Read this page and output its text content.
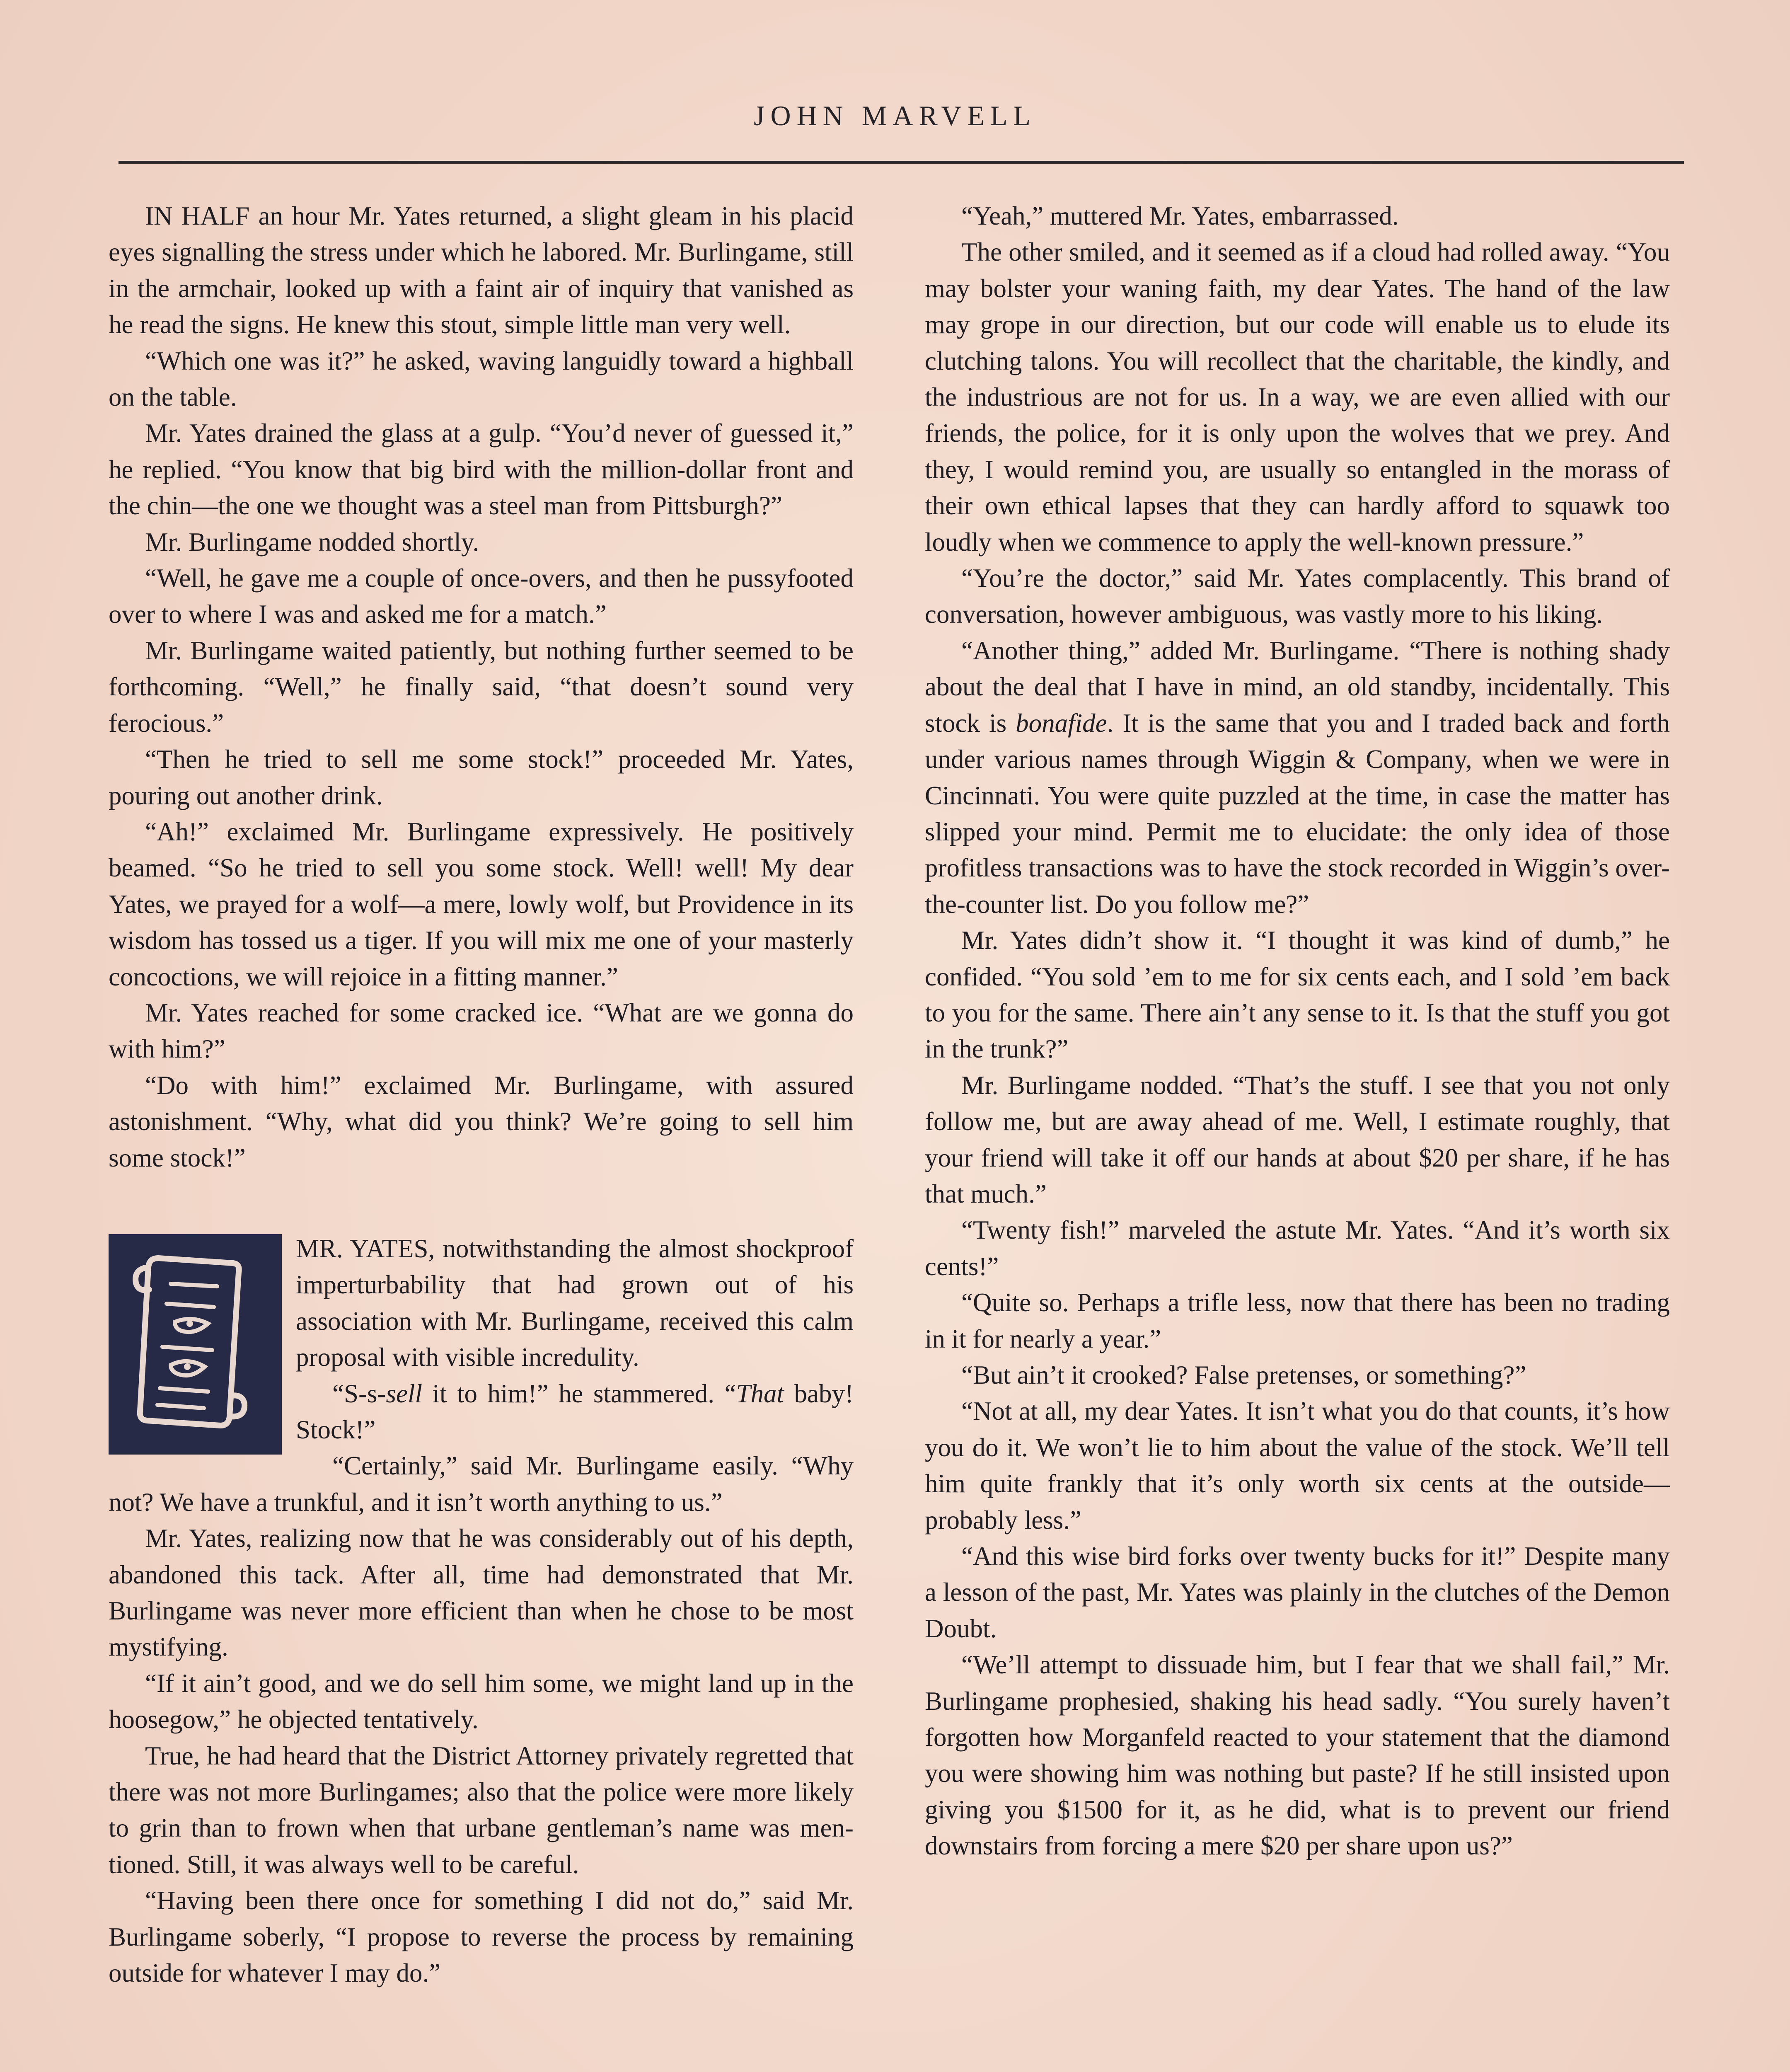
JOHN MARVELL

IN HALF an hour Mr. Yates returned, a slight gleam in his placid eyes signalling the stress under which he labored. Mr. Burlingame, still in the armchair, looked up with a faint air of inquiry that vanished as he read the signs. He knew this stout, simple little man very well.

“Which one was it?” he asked, waving languidly toward a highball on the table.

Mr. Yates drained the glass at a gulp. “You’d never of guessed it,” he replied. “You know that big bird with the million-dollar front and the chin—the one we thought was a steel man from Pittsburgh?”

Mr. Burlingame nodded shortly.

“Well, he gave me a couple of once-overs, and then he pussyfooted over to where I was and asked me for a match.”

Mr. Burlingame waited patiently, but nothing further seemed to be forthcoming. “Well,” he finally said, “that doesn’t sound very ferocious.”

“Then he tried to sell me some stock!” proceeded Mr. Yates, pouring out another drink.

“Ah!” exclaimed Mr. Burlingame expressively. He positively beamed. “So he tried to sell you some stock. Well! well! My dear Yates, we prayed for a wolf—a mere, lowly wolf, but Providence in its wisdom has tossed us a tiger. If you will mix me one of your masterly concoctions, we will rejoice in a fitting manner.”

Mr. Yates reached for some cracked ice. “What are we gonna do with him?”

“Do with him!” exclaimed Mr. Burlingame, with assured astonishment. “Why, what did you think? We’re going to sell him some stock!”

MR. YATES, notwithstanding the almost shockproof imperturbability that had grown out of his association with Mr. Burlingame, received this calm proposal with visible incredulity.

“S-s-sell it to him!” he stammered. “That baby! Stock!”

“Certainly,” said Mr. Burlingame easily. “Why not? We have a trunkful, and it isn’t worth anything to us.”

Mr. Yates, realizing now that he was considerably out of his depth, abandoned this tack. After all, time had demonstrated that Mr. Burlingame was never more efficient than when he chose to be most mystifying.

“If it ain’t good, and we do sell him some, we might land up in the hoosegow,” he objected tentatively.

True, he had heard that the District Attorney privately regretted that there was not more Burlingames; also that the police were more likely to grin than to frown when that urbane gentleman’s name was mentioned. Still, it was always well to be careful.

“Having been there once for something I did not do,” said Mr. Burlingame soberly, “I propose to reverse the process by remaining outside for whatever I may do.”

“Yeah,” muttered Mr. Yates, embarrassed.

The other smiled, and it seemed as if a cloud had rolled away. “You may bolster your waning faith, my dear Yates. The hand of the law may grope in our direction, but our code will enable us to elude its clutching talons. You will recollect that the charitable, the kindly, and the industrious are not for us. In a way, we are even allied with our friends, the police, for it is only upon the wolves that we prey. And they, I would remind you, are usually so entangled in the morass of their own ethical lapses that they can hardly afford to squawk too loudly when we commence to apply the well-known pressure.”

“You’re the doctor,” said Mr. Yates complacently. This brand of conversation, however ambiguous, was vastly more to his liking.

“Another thing,” added Mr. Burlingame. “There is nothing shady about the deal that I have in mind, an old standby, incidentally. This stock is bonafide. It is the same that you and I traded back and forth under various names through Wiggin & Company, when we were in Cincinnati. You were quite puzzled at the time, in case the matter has slipped your mind. Permit me to elucidate: the only idea of those profitless transactions was to have the stock recorded in Wiggin’s over-the-counter list. Do you follow me?”

Mr. Yates didn’t show it. “I thought it was kind of dumb,” he confided. “You sold ’em to me for six cents each, and I sold ’em back to you for the same. There ain’t any sense to it. Is that the stuff you got in the trunk?”

Mr. Burlingame nodded. “That’s the stuff. I see that you not only follow me, but are away ahead of me. Well, I estimate roughly, that your friend will take it off our hands at about $20 per share, if he has that much.”

“Twenty fish!” marveled the astute Mr. Yates. “And it’s worth six cents!”

“Quite so. Perhaps a trifle less, now that there has been no trading in it for nearly a year.”

“But ain’t it crooked? False pretenses, or something?”

“Not at all, my dear Yates. It isn’t what you do that counts, it’s how you do it. We won’t lie to him about the value of the stock. We’ll tell him quite frankly that it’s only worth six cents at the outside—probably less.”

“And this wise bird forks over twenty bucks for it!” Despite many a lesson of the past, Mr. Yates was plainly in the clutches of the Demon Doubt.

“We’ll attempt to dissuade him, but I fear that we shall fail,” Mr. Burlingame prophesied, shaking his head sadly. “You surely haven’t forgotten how Morganfeld reacted to your statement that the diamond you were showing him was nothing but paste? If he still insisted upon giving you $1500 for it, as he did, what is to prevent our friend downstairs from forcing a mere $20 per share upon us?”
